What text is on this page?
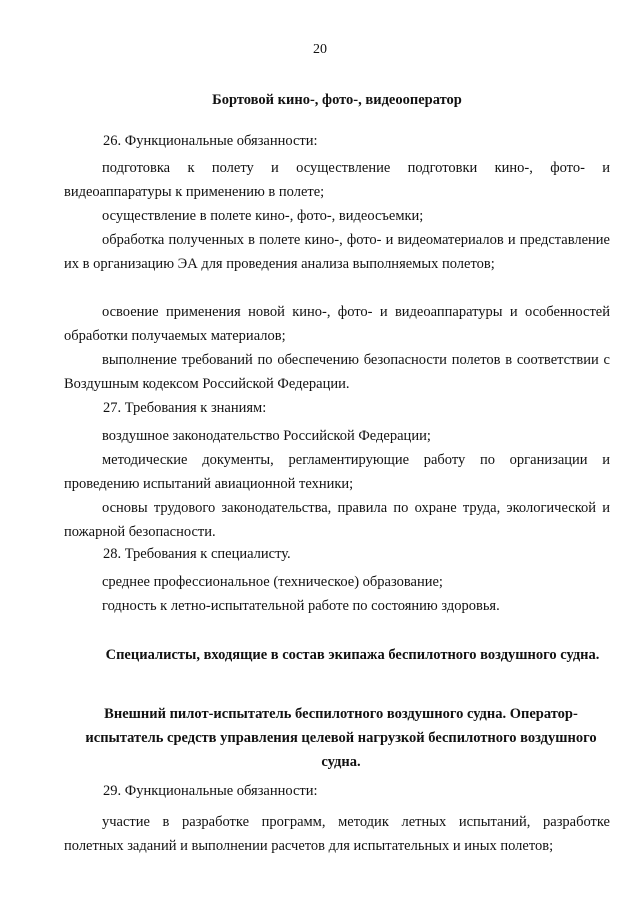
20
Бортовой кино-, фото-, видеооператор
26. Функциональные обязанности:
подготовка к полету и осуществление подготовки кино-, фото- и видеоаппаратуры к применению в полете;
осуществление в полете кино-, фото-, видеосъемки;
обработка полученных в полете кино-, фото- и видеоматериалов и представление их в организацию ЭА для проведения анализа выполняемых полетов;
освоение применения новой кино-, фото- и видеоаппаратуры и особенностей обработки получаемых материалов;
выполнение требований по обеспечению безопасности полетов в соответствии с Воздушным кодексом Российской Федерации.
27. Требования к знаниям:
воздушное законодательство Российской Федерации;
методические документы, регламентирующие работу по организации и проведению испытаний авиационной техники;
основы трудового законодательства, правила по охране труда, экологической и пожарной безопасности.
28. Требования к специалисту.
среднее профессиональное (техническое) образование;
годность к летно-испытательной работе по состоянию здоровья.
Специалисты, входящие в состав экипажа беспилотного воздушного судна.
Внешний пилот-испытатель беспилотного воздушного судна. Оператор-испытатель средств управления целевой нагрузкой беспилотного воздушного судна.
29. Функциональные обязанности:
участие в разработке программ, методик летных испытаний, разработке полетных заданий и выполнении расчетов для испытательных и иных полетов;
